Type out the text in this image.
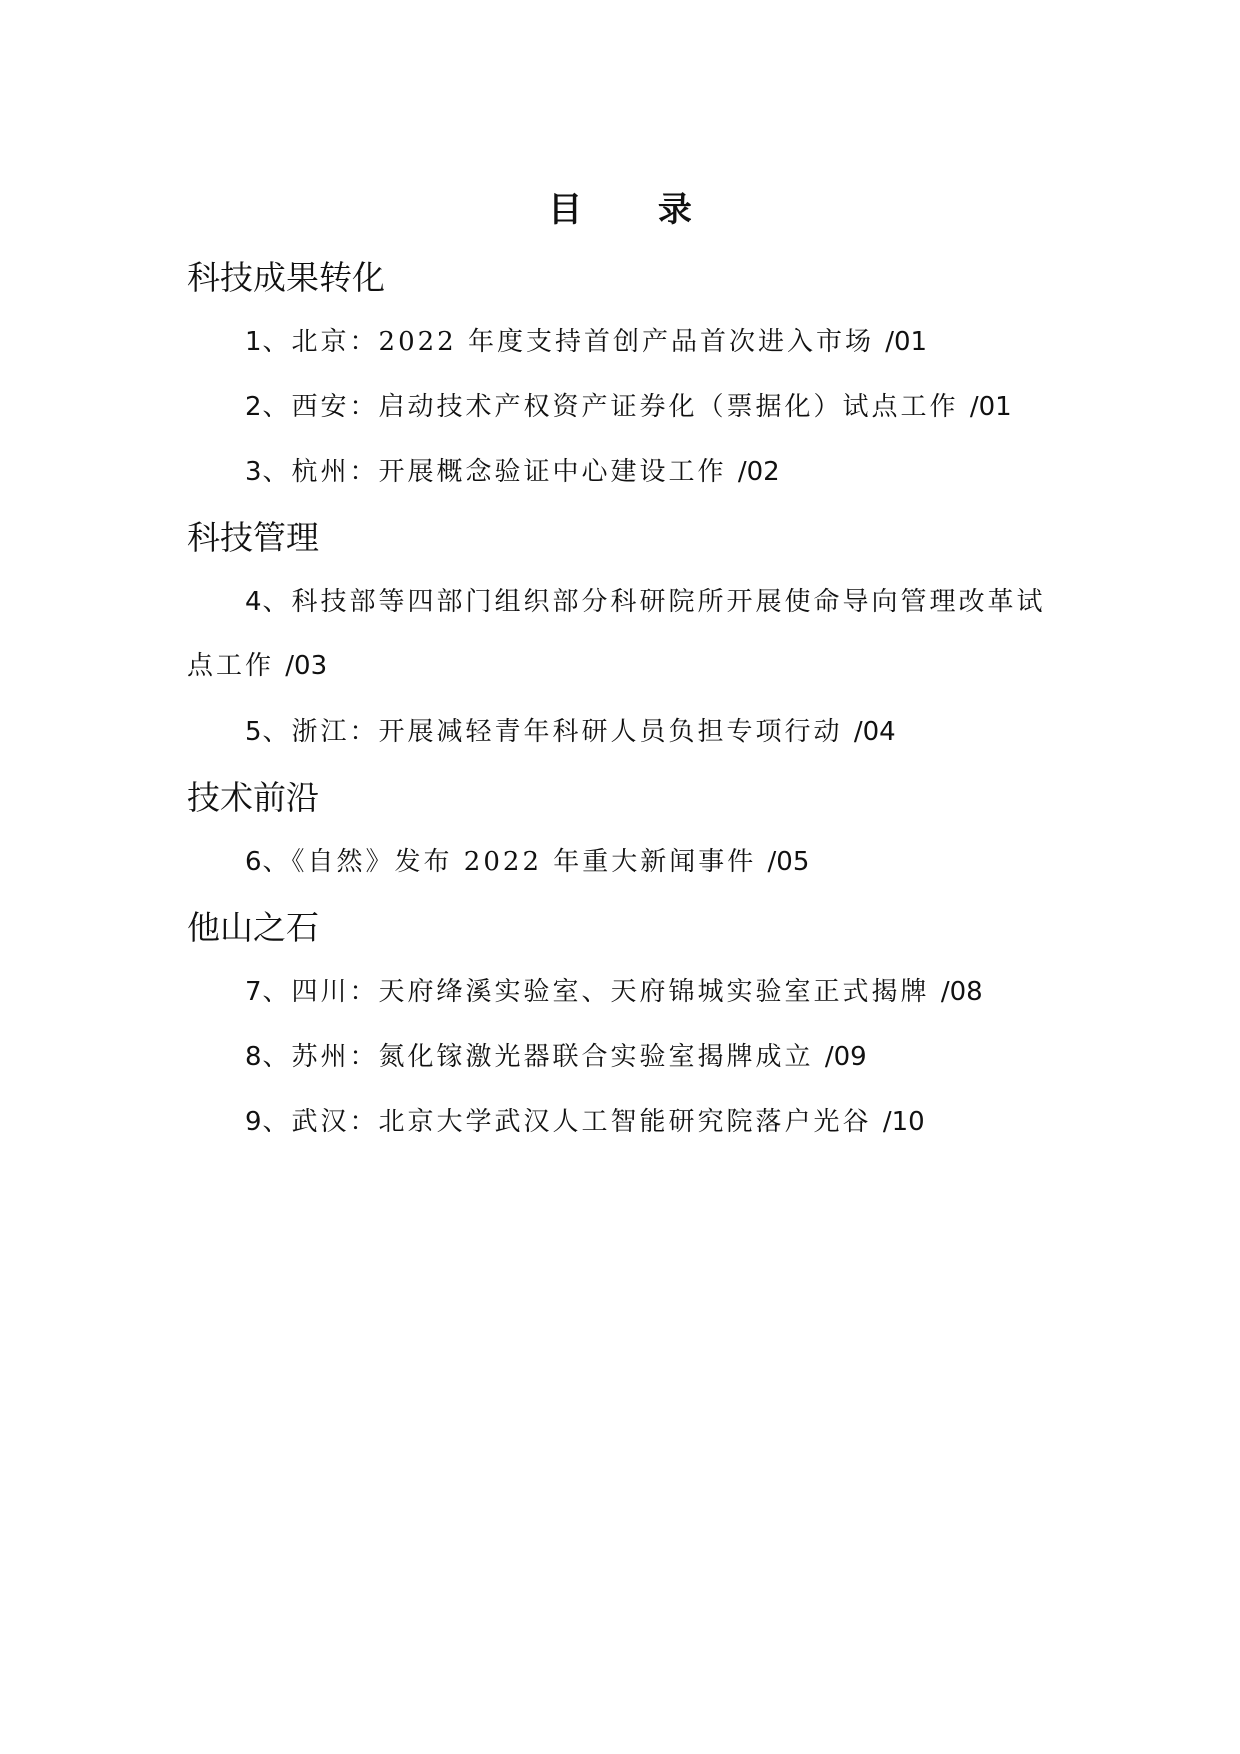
目 录
科技成果转化
1、北京：2022 年度支持首创产品首次进入市场 /01
2、西安：启动技术产权资产证券化（票据化）试点工作 /01
3、杭州：开展概念验证中心建设工作 /02
科技管理
4、科技部等四部门组织部分科研院所开展使命导向管理改革试点工作 /03
5、浙江：开展减轻青年科研人员负担专项行动 /04
技术前沿
6、《自然》发布 2022 年重大新闻事件 /05
他山之石
7、四川：天府绛溪实验室、天府锦城实验室正式揭牌 /08
8、苏州：氮化镓激光器联合实验室揭牌成立 /09
9、武汉：北京大学武汉人工智能研究院落户光谷 /10
